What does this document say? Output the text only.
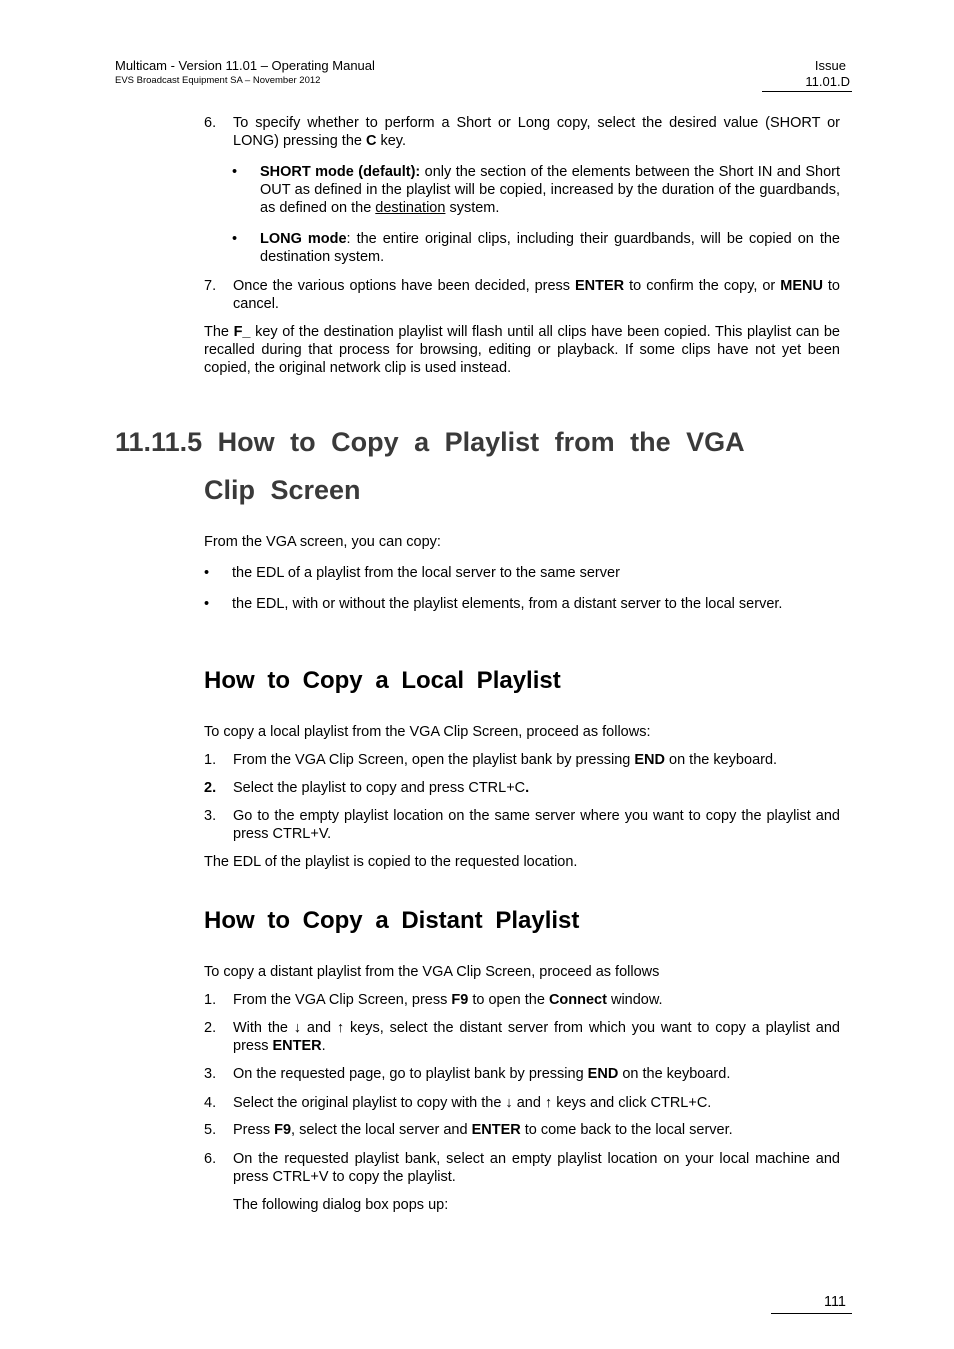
Multicam - Version 11.01 – Operating Manual
EVS Broadcast Equipment SA – November 2012
Issue
11.01.D
6.	To specify whether to perform a Short or Long copy, select the desired value (SHORT or LONG) pressing the C key.
• SHORT mode (default): only the section of the elements between the Short IN and Short OUT as defined in the playlist will be copied, increased by the duration of the guardbands, as defined on the destination system.
• LONG mode: the entire original clips, including their guardbands, will be copied on the destination system.
7.	Once the various options have been decided, press ENTER to confirm the copy, or MENU to cancel.
The F_ key of the destination playlist will flash until all clips have been copied. This playlist can be recalled during that process for browsing, editing or playback. If some clips have not yet been copied, the original network clip is used instead.
11.11.5 How to Copy a Playlist from the VGA
Clip Screen
From the VGA screen, you can copy:
• the EDL of a playlist from the local server to the same server
• the EDL, with or without the playlist elements, from a distant server to the local server.
How to Copy a Local Playlist
To copy a local playlist from the VGA Clip Screen, proceed as follows:
1.	From the VGA Clip Screen, open the playlist bank by pressing END on the keyboard.
2.	Select the playlist to copy and press CTRL+C.
3.	Go to the empty playlist location on the same server where you want to copy the playlist and press CTRL+V.
The EDL of the playlist is copied to the requested location.
How to Copy a Distant Playlist
To copy a distant playlist from the VGA Clip Screen, proceed as follows
1.	From the VGA Clip Screen, press F9 to open the Connect window.
2.	With the ↓ and ↑ keys, select the distant server from which you want to copy a playlist and press ENTER.
3.	On the requested page, go to playlist bank by pressing END on the keyboard.
4.	Select the original playlist to copy with the ↓ and ↑ keys and click CTRL+C.
5.	Press F9, select the local server and ENTER to come back to the local server.
6.	On the requested playlist bank, select an empty playlist location on your local machine and press CTRL+V to copy the playlist.
The following dialog box pops up:
111
